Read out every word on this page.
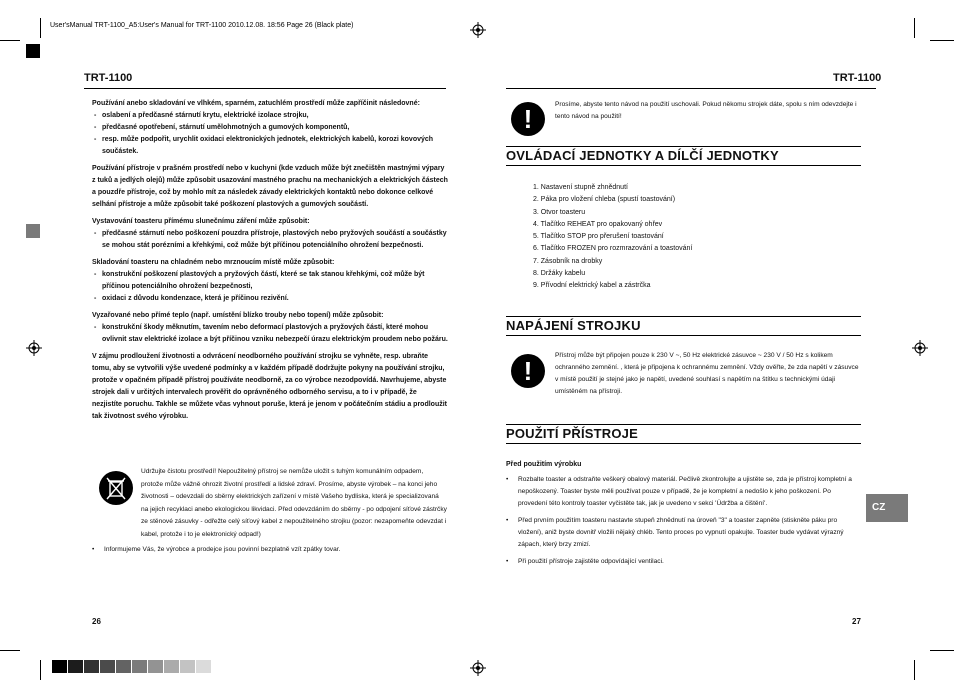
User'sManual TRT-1100_A5:User's Manual for TRT-1100 2010.12.08. 18:56 Page 26 (Black plate)
TRT-1100
Používání anebo skladování ve vlhkém, sparném, zatuchlém prostředí může zapříčinit následovné:
- oslabení a předčasné stárnutí krytu, elektrické izolace strojku,
- předčasné opotřebení, stárnutí umělohmotných a gumových komponentů,
- resp. může podpořit, urychlit oxidaci elektronických jednotek, elektrických kabelů, korozi kovových součástek.
Používání přístroje v prašném prostředí nebo v kuchyni (kde vzduch může být znečištěn mastnými výpary z tuků a jedlých olejů) může způsobit usazování mastného prachu na mechanických a elektrických částech a pouzdře přístroje, což by mohlo mít za následek závady elektrických kontaktů nebo dokonce celkové selhání přístroje a může způsobit také poškození plastových a gumových součástí.
Vystavování toasteru přímému slunečnímu záření může způsobit:
- předčasné stárnutí nebo poškození pouzdra přístroje, plastových nebo pryžových součástí a součástky se mohou stát porézními a křehkými, což může být příčinou potenciálního ohrožení bezpečnosti.
Skladování toasteru na chladném nebo mrznoucím místě může způsobit:
- konstrukční poškození plastových a pryžových částí, které se tak stanou křehkými, což může být příčinou potenciálního ohrožení bezpečnosti,
- oxidaci z důvodu kondenzace, která je příčinou rezivění.
Vyzařované nebo přímé teplo (např. umístění blízko trouby nebo topení) může způsobit:
- konstrukční škody měknutím, tavením nebo deformací plastových a pryžových částí, které mohou ovlivnit stav elektrické izolace a být příčinou vzniku nebezpečí úrazu elektrickým proudem nebo požáru.
V zájmu prodloužení životnosti a odvrácení neodborného používání strojku se vyhněte, resp. ubraňte tomu, aby se vytvořili výše uvedené podmínky a v každém případě dodržujte pokyny na používání strojku, protože v opačném případě přístroj používáte neodborně, za co výrobce nezodpovídá. Navrhujeme, abyste strojek dali v určitých intervalech prověřit do oprávněného odborného servisu, a to i v případě, že nezjistíte poruchu. Takhle se můžete včas vyhnout poruše, která je jenom v počátečním stádiu a prodloužit tak životnost svého výrobku.
Udržujte čistotu prostředí! Nepoužitelný přístroj se nemůže uložit s tuhým komunálním odpadem, protože může vážně ohrozit životní prostředí a lidské zdraví. Prosíme, abyste výrobek – na konci jeho životnosti – odevzdali do sběrny elektrických zařízení v místě Vašeho bydliska, která je specializovaná na jejich recyklaci anebo ekologickou likvidaci. Před odevzdáním do sběrny - po odpojení síťové zástrčky ze stěnové zásuvky - odřežte celý síťový kabel z nepoužitelného strojku (pozor: nezapomeňte odevzdat i kabel, protože i to je elektronický odpad!)
• Informujeme Vás, že výrobce a prodejce jsou povinní bezplatně vzít zpátky tovar.
26
TRT-1100
!	Prosíme, abyste tento návod na použití uschovali. Pokud někomu strojek dáte, spolu s ním odevzdejte i tento návod na použití!
OVLÁDACÍ JEDNOTKY A DÍLČÍ JEDNOTKY
1. Nastavení stupně zhnědnutí
2. Páka pro vložení chleba (spustí toastování)
3. Otvor toasteru
4. Tlačítko REHEAT pro opakovaný ohřev
5. Tlačítko STOP pro přerušení toastování
6. Tlačítko FROZEN pro rozmrazování a toastování
7. Zásobník na drobky
8. Držáky kabelu
9. Přívodní elektrický kabel a zástrčka
NAPÁJENÍ STROJKU
!
Přístroj může být připojen pouze k 230 V ~, 50 Hz elektrické zásuvce ~ 230 V / 50 Hz s kolikem ochranného zemnění. , která je připojena k ochrannému zemnění. Vždy ověřte, že zda napětí v zásuvce v místě použití je stejné jako je napětí, uvedené souhlasí s napětím na štítku s technickými údaji umístěném na přístroji.
POUŽITÍ PŘÍSTROJE
Před použitím výrobku
• Rozbalte toaster a odstraňte veškerý obalový materiál. Pečlivě zkontrolujte a ujistěte se, zda je přístroj kompletní a nepoškozený. Toaster byste měli používat pouze v případě, že je kompletní a nedošlo k jeho poškození. Po provedení této kontroly toaster vyčistěte tak, jak je uvedeno v sekci 'Údržba a čištění'.
• Před prvním použitím toasteru nastavte stupeň zhnědnutí na úroveň "3" a toaster zapněte (stiskněte páku pro vložení), aniž byste dovnitř vložili nějaký chléb. Tento proces po vypnutí opakujte. Toaster bude vydávat výrazný zápach, který brzy zmizí.
• Při použití přístroje zajistěte odpovídající ventilaci.
CZ
27
